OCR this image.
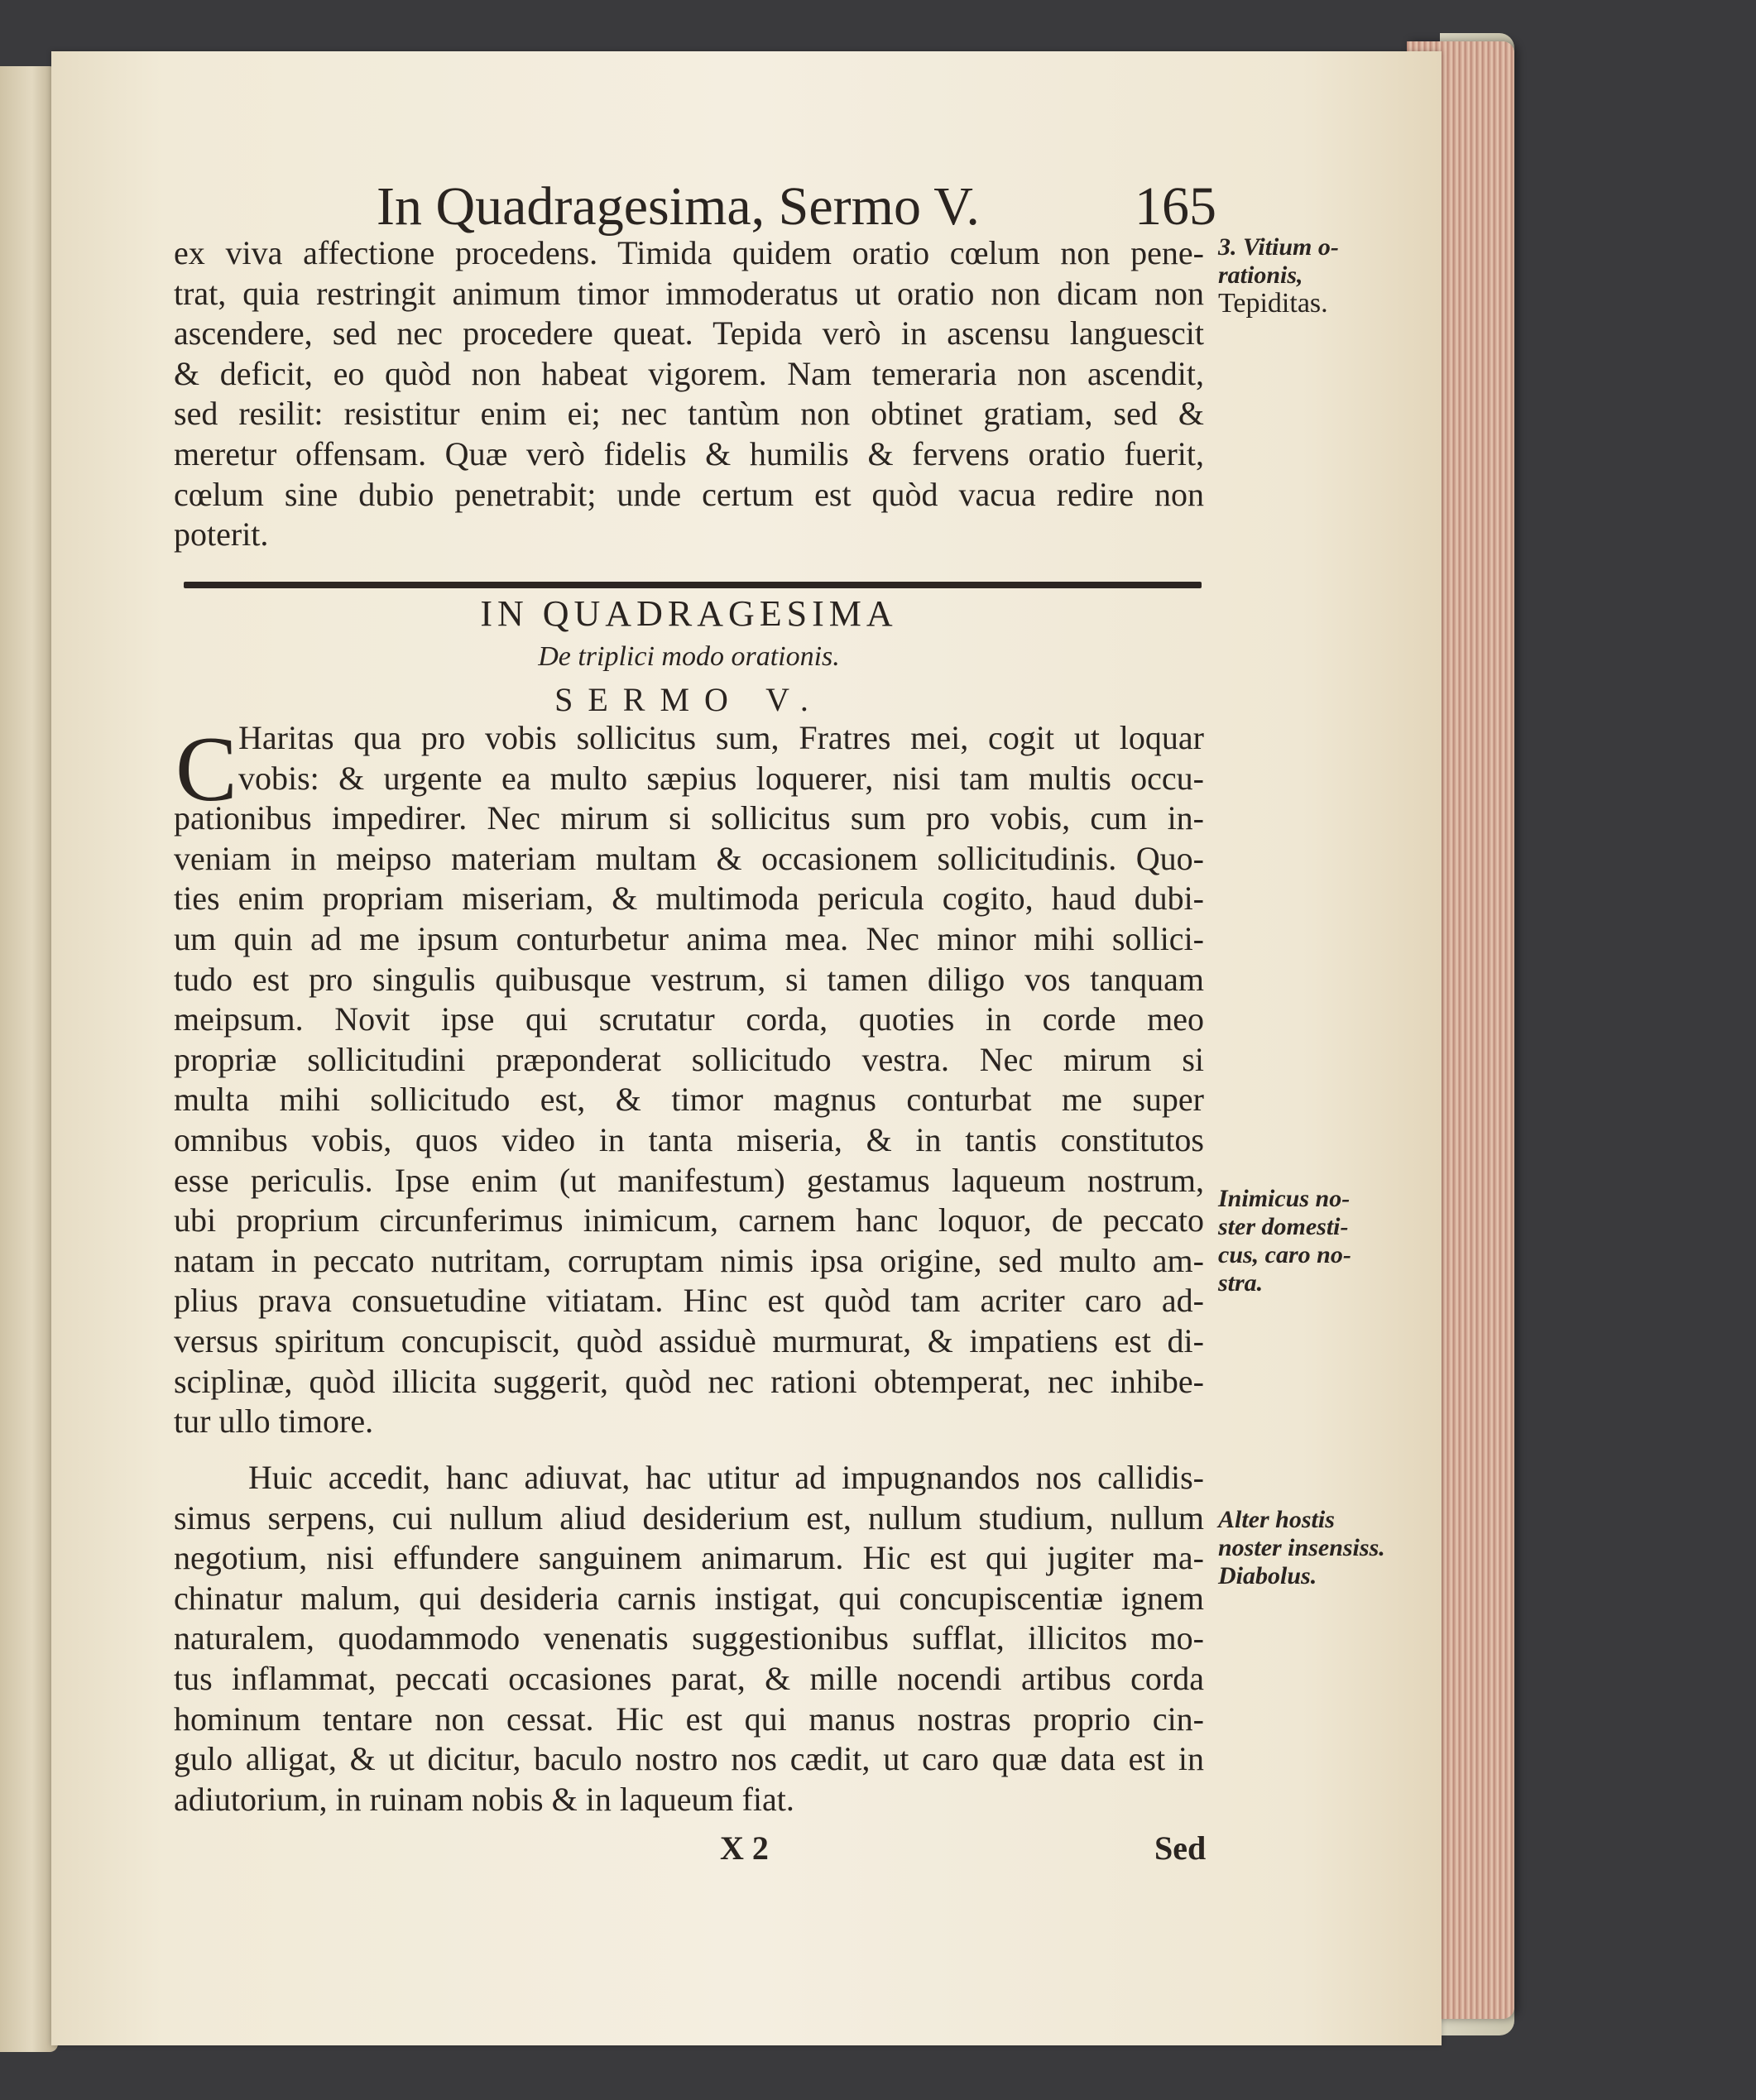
In Quadragesima, Sermo V.	165
ex viva affectione procedens. Timida quidem oratio cœlum non pene-
trat, quia restringit animum timor immoderatus ut oratio non dicam non
ascendere, sed nec procedere queat. Tepida verò in ascensu languescit
& deficit, eo quòd non habeat vigorem. Nam temeraria non ascendit,
sed resilit: resistitur enim ei; nec tantùm non obtinet gratiam, sed &
meretur offensam. Quæ verò fidelis & humilis & fervens oratio fuerit,
cœlum sine dubio penetrabit; unde certum est quòd vacua redire non
poterit.
3. Vitium o-
rationis,
Tepiditas.
IN QUADRAGESIMA
De triplici modo orationis.
SERMO V.
C Haritas qua pro vobis sollicitus sum, Fratres mei, cogit ut loquar
vobis: & urgente ea multo sæpius loquerer, nisi tam multis occu-
pationibus impedirer. Nec mirum si sollicitus sum pro vobis, cum in-
veniam in meipso materiam multam & occasionem sollicitudinis. Quo-
ties enim propriam miseriam, & multimoda pericula cogito, haud dubi-
um quin ad me ipsum conturbetur anima mea. Nec minor mihi sollici-
tudo est pro singulis quibusque vestrum, si tamen diligo vos tanquam
meipsum. Novit ipse qui scrutatur corda, quoties in corde meo
propriæ sollicitudini præponderat sollicitudo vestra. Nec mirum si
multa mihi sollicitudo est, & timor magnus conturbat me super
omnibus vobis, quos video in tanta miseria, & in tantis constitutos
esse periculis. Ipse enim (ut manifestum) gestamus laqueum nostrum,
ubi proprium circunferimus inimicum, carnem hanc loquor, de peccato
natam in peccato nutritam, corruptam nimis ipsa origine, sed multo am-
plius prava consuetudine vitiatam. Hinc est quòd tam acriter caro ad-
versus spiritum concupiscit, quòd assiduè murmurat, & impatiens est di-
sciplinæ, quòd illicita suggerit, quòd nec rationi obtemperat, nec inhibe-
tur ullo timore.
Inimicus no-
ster domesti-
cus, caro no-
stra.
Huic accedit, hanc adiuvat, hac utitur ad impugnandos nos callidis-
simus serpens, cui nullum aliud desiderium est, nullum studium, nullum
negotium, nisi effundere sanguinem animarum. Hic est qui jugiter ma-
chinatur malum, qui desideria carnis instigat, qui concupiscentiæ ignem
naturalem, quodammodo venenatis suggestionibus sufflat, illicitos mo-
tus inflammat, peccati occasiones parat, & mille nocendi artibus corda
hominum tentare non cessat. Hic est qui manus nostras proprio cin-
gulo alligat, & ut dicitur, baculo nostro nos cædit, ut caro quæ data est in
adiutorium, in ruinam nobis & in laqueum fiat.
Alter hostis
noster insensiss.
Diabolus.
X 2	Sed
